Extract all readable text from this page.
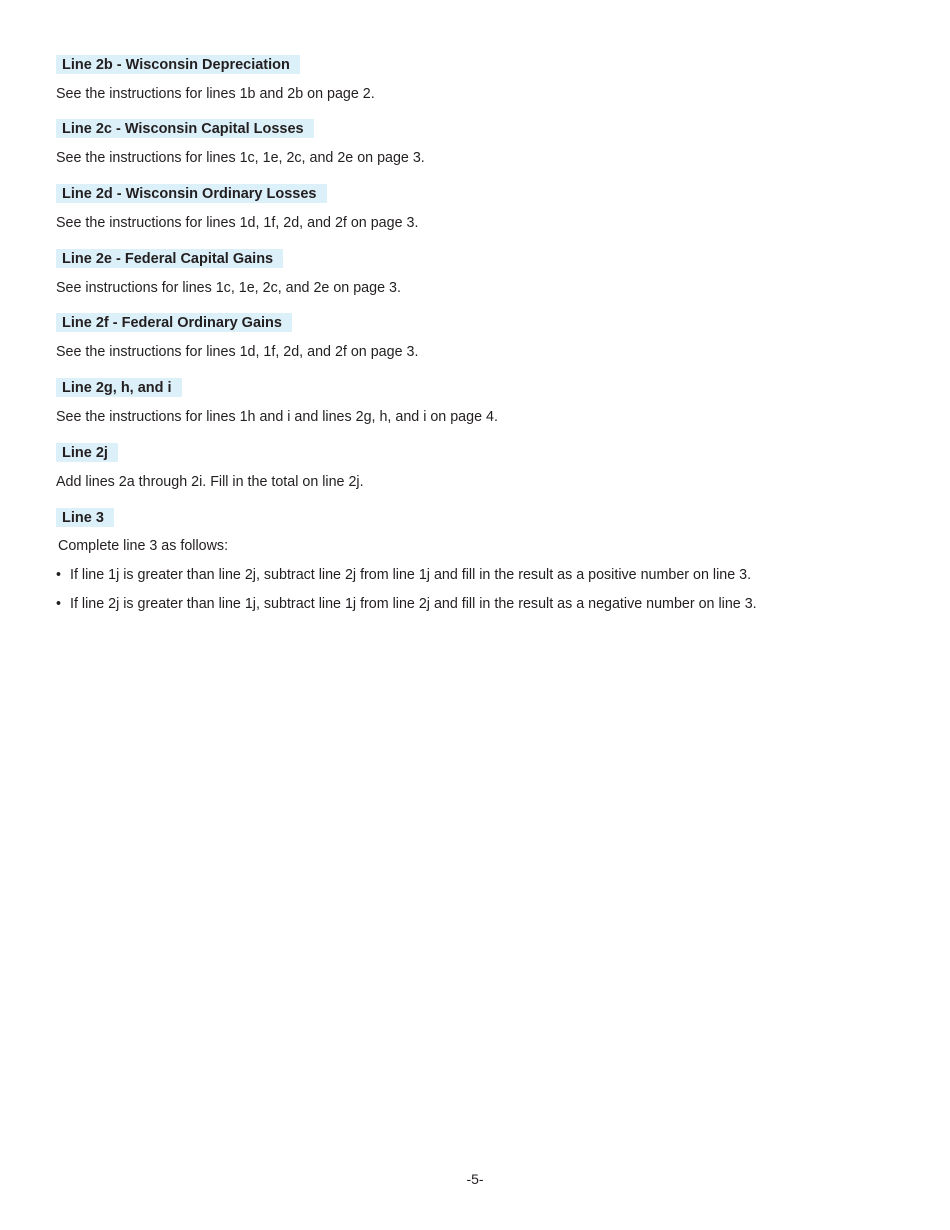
Line 2b - Wisconsin Depreciation

See the instructions for lines 1b and 2b on page 2.

Line 2c - Wisconsin Capital Losses

See the instructions for lines 1c, 1e, 2c, and 2e on page 3.

Line 2d - Wisconsin Ordinary Losses

See the instructions for lines 1d, 1f, 2d, and 2f on page 3.

Line 2e - Federal Capital Gains

See instructions for lines 1c, 1e, 2c, and 2e on page 3.

Line 2f - Federal Ordinary Gains

See the instructions for lines 1d, 1f, 2d, and 2f on page 3.

Line 2g, h, and i

See the instructions for lines 1h and i and lines 2g, h, and i on page 4.

Line 2j

Add lines 2a through 2i. Fill in the total on line 2j.

Line 3

Complete line 3 as follows:

• If line 1j is greater than line 2j, subtract line 2j from line 1j and fill in the result as a positive number on line 3.
• If line 2j is greater than line 1j, subtract line 1j from line 2j and fill in the result as a negative number on line 3.
-5-
